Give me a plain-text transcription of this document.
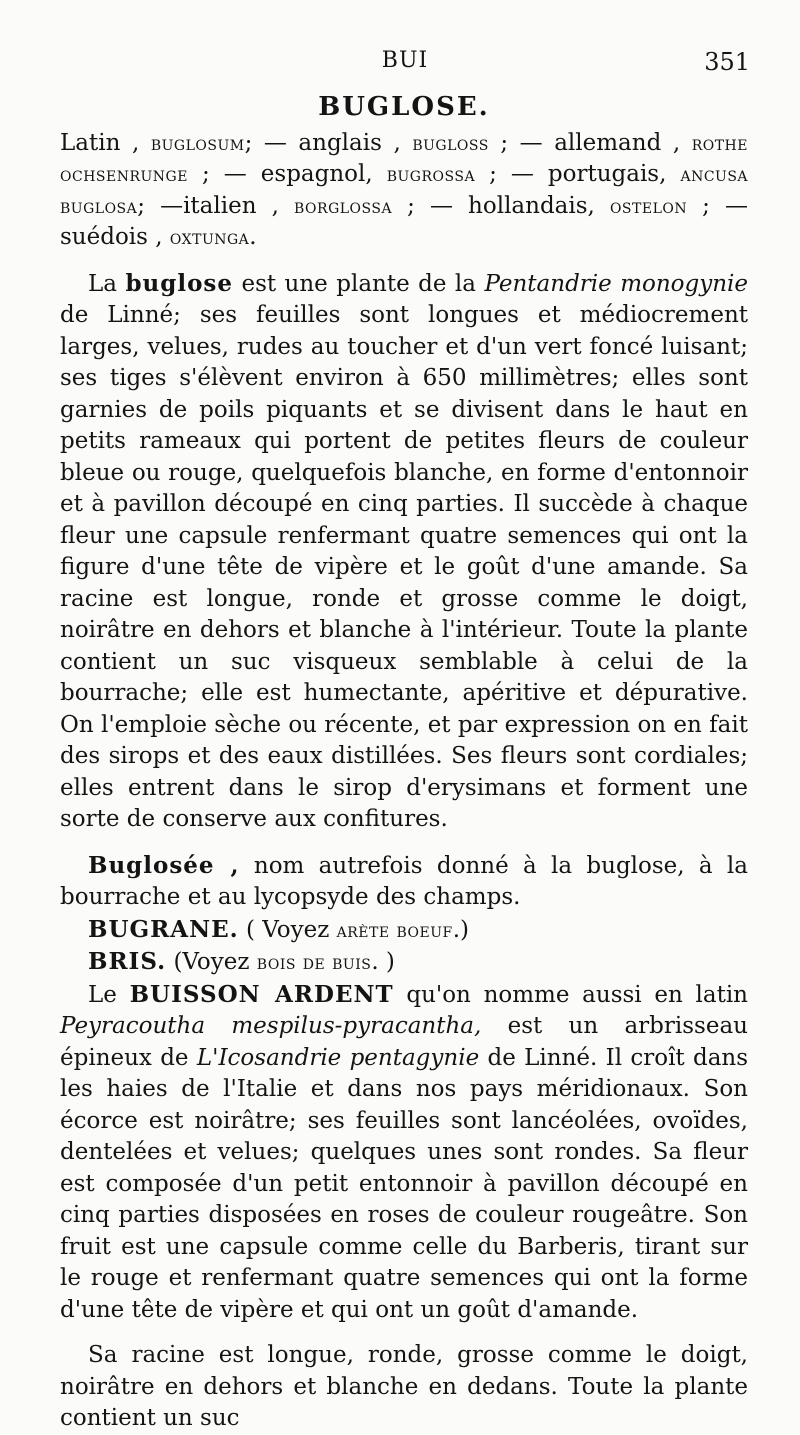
BUI	351
BUGLOSE.

Latin , buglosum; — anglais , bugloss ; — allemand , rothe ochsenrunge ; — espagnol, bugrossa ; — portugais, ancusa buglosa; —italien , borglossa ; — hollandais, ostelon ; — suédois , oxtunga.

La buglose est une plante de la Pentandrie monogynie de Linné; ses feuilles sont longues et médiocrement larges, velues, rudes au toucher et d'un vert foncé luisant; ses tiges s'élèvent environ à 650 millimètres; elles sont garnies de poils piquants et se divisent dans le haut en petits rameaux qui portent de petites fleurs de couleur bleue ou rouge, quelquefois blanche, en forme d'entonnoir et à pavillon découpé en cinq parties. Il succède à chaque fleur une capsule renfermant quatre semences qui ont la figure d'une tête de vipère et le goût d'une amande. Sa racine est longue, ronde et grosse comme le doigt, noirâtre en dehors et blanche à l'intérieur. Toute la plante contient un suc visqueux semblable à celui de la bourrache; elle est humectante, apéritive et dépurative. On l'emploie sèche ou récente, et par expression on en fait des sirops et des eaux distillées. Ses fleurs sont cordiales; elles entrent dans le sirop d'erysimans et forment une sorte de conserve aux confitures.

Buglosée , nom autrefois donné à la buglose, à la bourrache et au lycopsyde des champs.

BUGRANE. ( Voyez arète boeuf.)

BRIS. (Voyez bois de buis. )

Le BUISSON ARDENT qu'on nomme aussi en latin Peyracoutha mespilus-pyracantha, est un arbrisseau épineux de L'Icosandrie pentagynie de Linné. Il croît dans les haies de l'Italie et dans nos pays méridionaux. Son écorce est noirâtre; ses feuilles sont lancéolées, ovoïdes, dentelées et velues; quelques unes sont rondes. Sa fleur est composée d'un petit entonnoir à pavillon découpé en cinq parties disposées en roses de couleur rougeâtre. Son fruit est une capsule comme celle du Barberis, tirant sur le rouge et renfermant quatre semences qui ont la forme d'une tête de vipère et qui ont un goût d'amande.

Sa racine est longue, ronde, grosse comme le doigt, noirâtre en dehors et blanche en dedans. Toute la plante contient un suc
